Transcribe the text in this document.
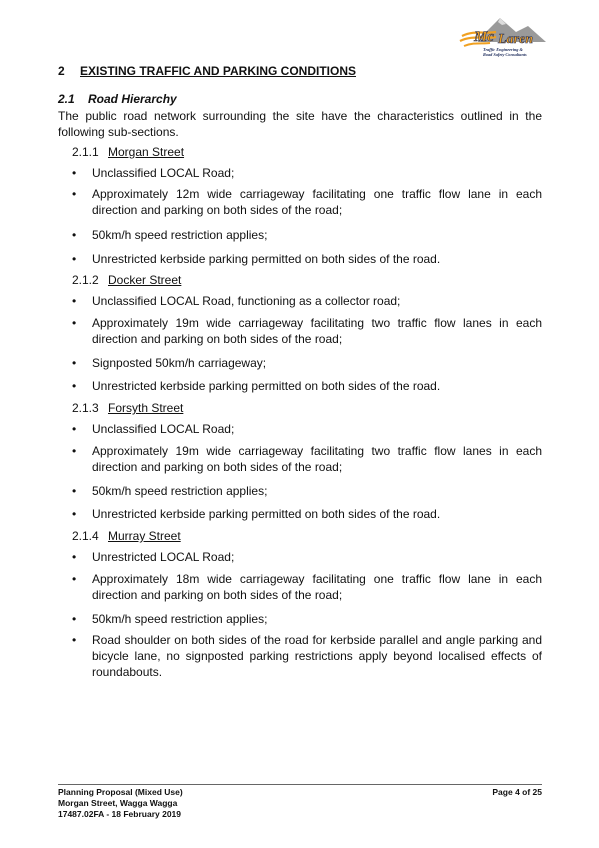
Mc Laren
Traffic Engineering &
Road Safety Consultants
2 EXISTING TRAFFIC AND PARKING CONDITIONS
2.1 Road Hierarchy
The public road network surrounding the site have the characteristics outlined in the following sub-sections.
2.1.1 Morgan Street
•	Unclassified LOCAL Road;
•	Approximately 12m wide carriageway facilitating one traffic flow lane in each direction and parking on both sides of the road;
•	50km/h speed restriction applies;
•	Unrestricted kerbside parking permitted on both sides of the road.
2.1.2 Docker Street
•	Unclassified LOCAL Road, functioning as a collector road;
•	Approximately 19m wide carriageway facilitating two traffic flow lanes in each direction and parking on both sides of the road;
•	Signposted 50km/h carriageway;
•	Unrestricted kerbside parking permitted on both sides of the road.
2.1.3 Forsyth Street
•	Unclassified LOCAL Road;
•	Approximately 19m wide carriageway facilitating two traffic flow lanes in each direction and parking on both sides of the road;
•	50km/h speed restriction applies;
•	Unrestricted kerbside parking permitted on both sides of the road.
2.1.4 Murray Street
•	Unrestricted LOCAL Road;
•	Approximately 18m wide carriageway facilitating one traffic flow lane in each direction and parking on both sides of the road;
•	50km/h speed restriction applies;
•	Road shoulder on both sides of the road for kerbside parallel and angle parking and bicycle lane, no signposted parking restrictions apply beyond localised effects of roundabouts.
Planning Proposal (Mixed Use)
Morgan Street, Wagga Wagga
17487.02FA - 18 February 2019
Page 4 of 25
